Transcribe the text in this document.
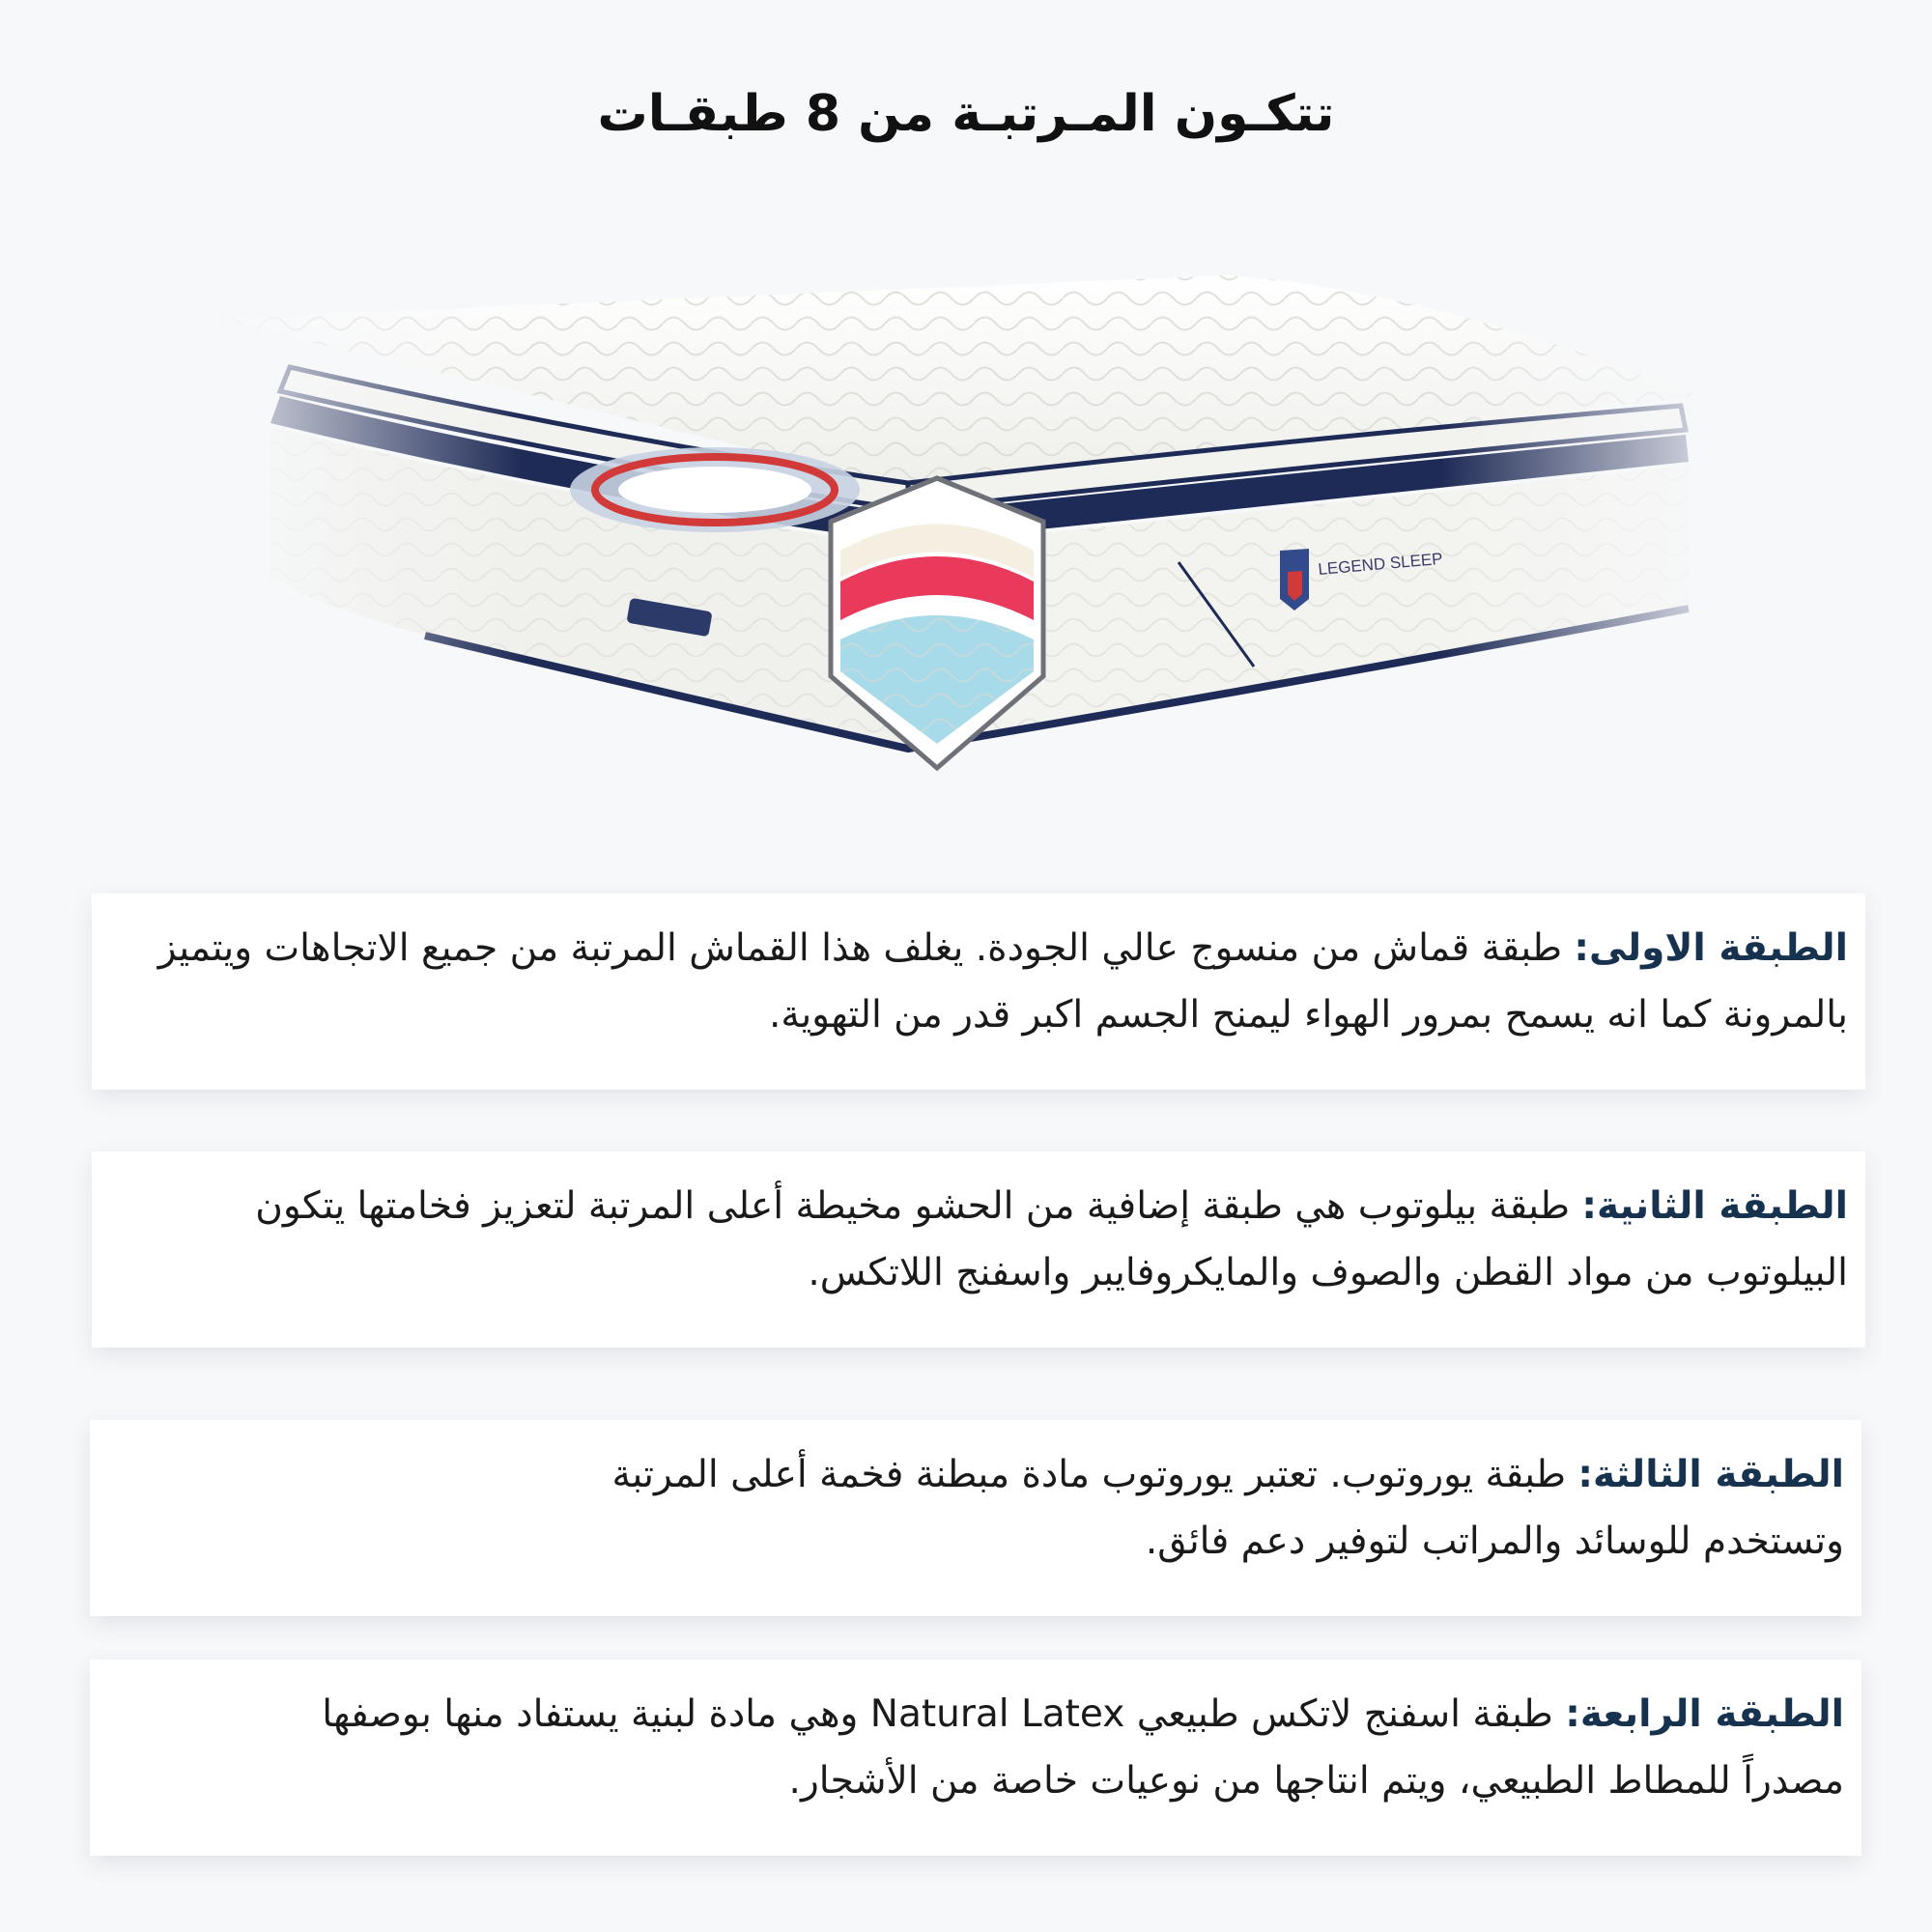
تتكـون المـرتبـة من 8 طبقـات

الطبقة الاولى: طبقة قماش من منسوج عالي الجودة. يغلف هذا القماش المرتبة من جميع الاتجاهات ويتميز بالمرونة كما انه يسمح بمرور الهواء ليمنح الجسم اكبر قدر من التهوية.

الطبقة الثانية: طبقة بيلوتوب هي طبقة إضافية من الحشو مخيطة أعلى المرتبة لتعزيز فخامتها يتكون البيلوتوب من مواد القطن والصوف والمايكروفايبر واسفنج اللاتكس.

الطبقة الثالثة: طبقة يوروتوب. تعتبر يوروتوب مادة مبطنة فخمة أعلى المرتبة وتستخدم للوسائد والمراتب لتوفير دعم فائق.

الطبقة الرابعة: طبقة اسفنج لاتكس طبيعي Natural Latex وهي مادة لبنية يستفاد منها بوصفها مصدراً للمطاط الطبيعي، ويتم انتاجها من نوعيات خاصة من الأشجار.
